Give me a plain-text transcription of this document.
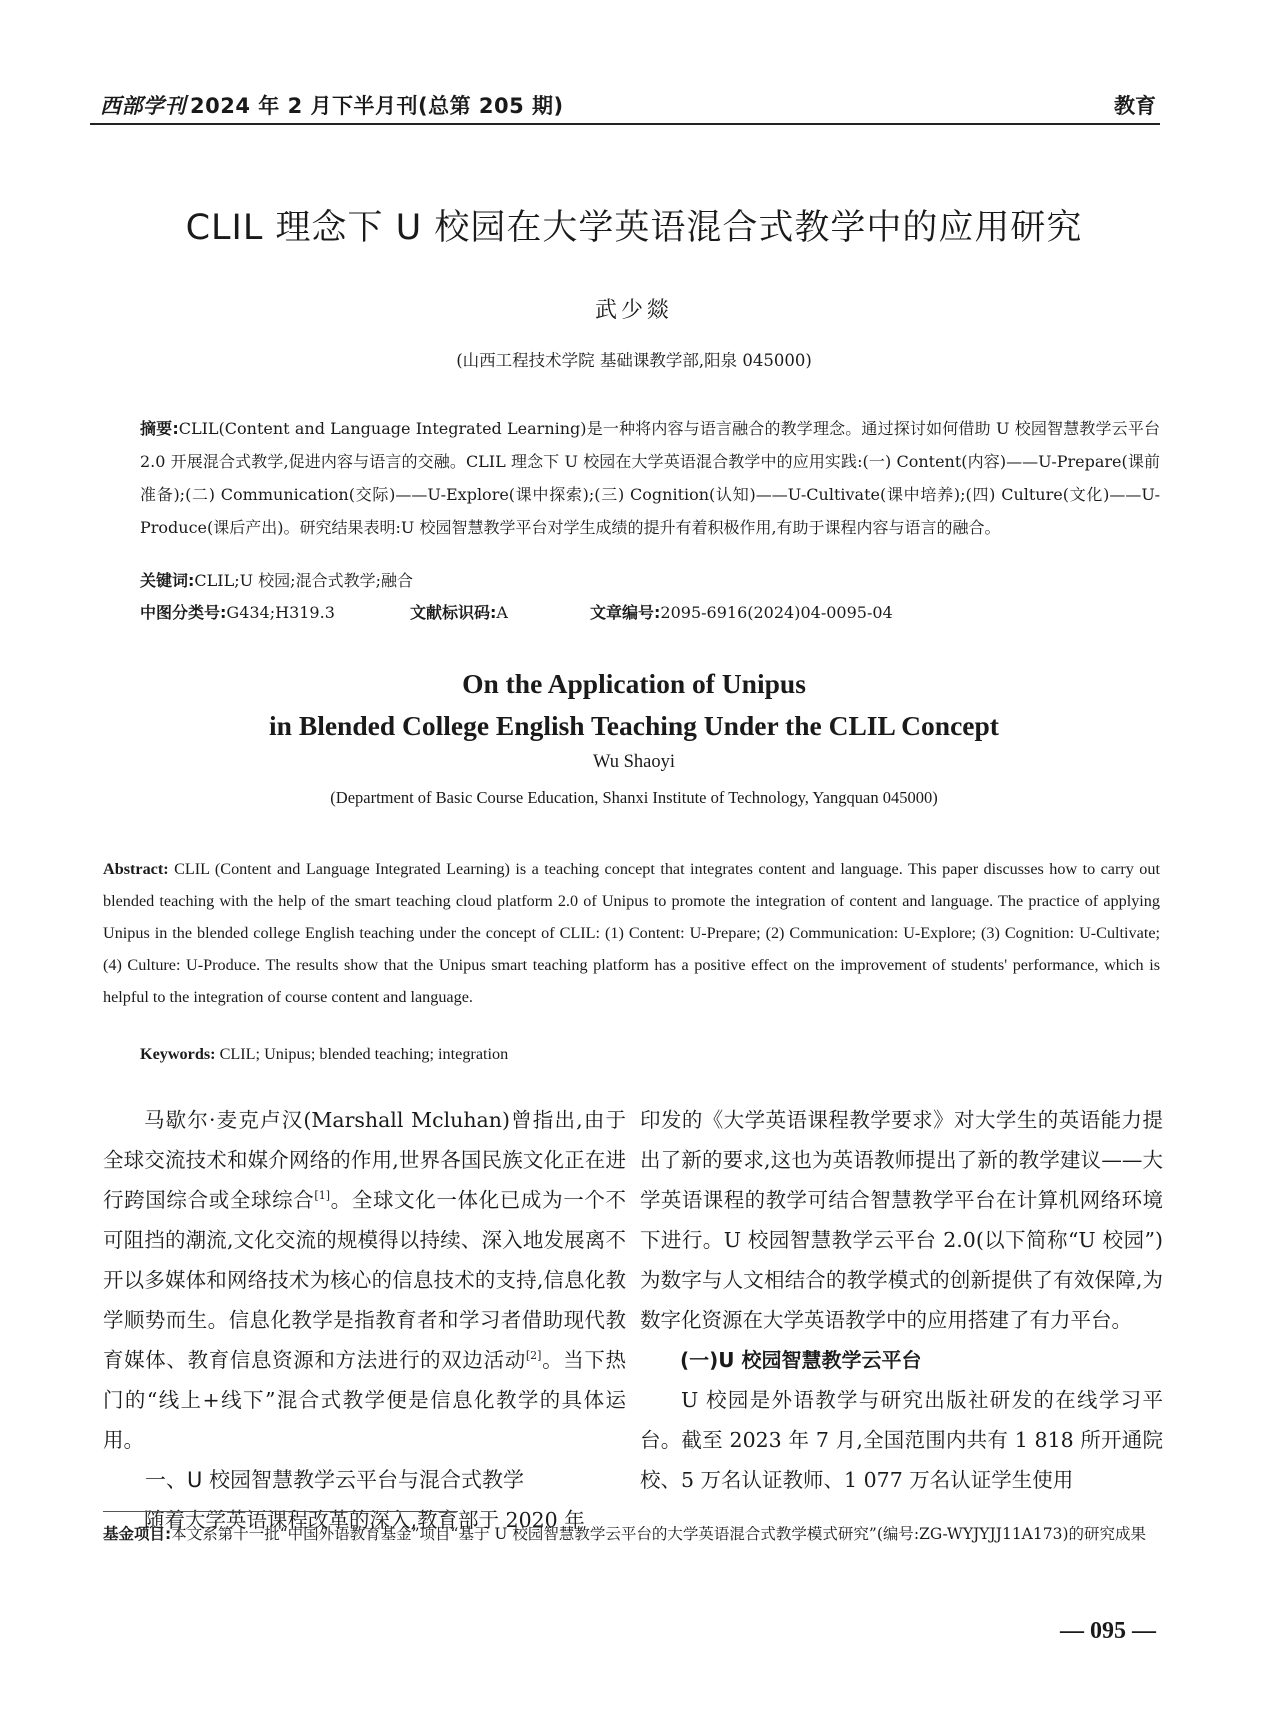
西部学刊 2024 年 2 月下半月刊(总第 205 期)	教育
CLIL 理念下 U 校园在大学英语混合式教学中的应用研究
武少燚
(山西工程技术学院 基础课教学部,阳泉 045000)
摘要:CLIL(Content and Language Integrated Learning)是一种将内容与语言融合的教学理念。通过探讨如何借助 U 校园智慧教学云平台 2.0 开展混合式教学,促进内容与语言的交融。CLIL 理念下 U 校园在大学英语混合教学中的应用实践:(一) Content(内容)——U-Prepare(课前准备);(二) Communication(交际)——U-Explore(课中探索);(三) Cognition(认知)——U-Cultivate(课中培养);(四) Culture(文化)——U-Produce(课后产出)。研究结果表明:U 校园智慧教学平台对学生成绩的提升有着积极作用,有助于课程内容与语言的融合。
关键词:CLIL;U 校园;混合式教学;融合
中图分类号:G434;H319.3	文献标识码:A	文章编号:2095-6916(2024)04-0095-04
On the Application of Unipus
in Blended College English Teaching Under the CLIL Concept
Wu Shaoyi
(Department of Basic Course Education, Shanxi Institute of Technology, Yangquan 045000)
Abstract: CLIL (Content and Language Integrated Learning) is a teaching concept that integrates content and language. This paper discusses how to carry out blended teaching with the help of the smart teaching cloud platform 2.0 of Unipus to promote the integration of content and language. The practice of applying Unipus in the blended college English teaching under the concept of CLIL: (1) Content: U-Prepare; (2) Communication: U-Explore; (3) Cognition: U-Cultivate; (4) Culture: U-Produce. The results show that the Unipus smart teaching platform has a positive effect on the improvement of students' performance, which is helpful to the integration of course content and language.
Keywords: CLIL; Unipus; blended teaching; integration

马歇尔·麦克卢汉(Marshall Mcluhan)曾指出,由于全球交流技术和媒介网络的作用,世界各国民族文化正在进行跨国综合或全球综合[1]。全球文化一体化已成为一个不可阻挡的潮流,文化交流的规模得以持续、深入地发展离不开以多媒体和网络技术为核心的信息技术的支持,信息化教学顺势而生。信息化教学是指教育者和学习者借助现代教育媒体、教育信息资源和方法进行的双边活动[2]。当下热门的“线上+线下”混合式教学便是信息化教学的具体运用。

一、U 校园智慧教学云平台与混合式教学

随着大学英语课程改革的深入,教育部于 2020 年

印发的《大学英语课程教学要求》对大学生的英语能力提出了新的要求,这也为英语教师提出了新的教学建议——大学英语课程的教学可结合智慧教学平台在计算机网络环境下进行。U 校园智慧教学云平台 2.0(以下简称“U 校园”)为数字与人文相结合的教学模式的创新提供了有效保障,为数字化资源在大学英语教学中的应用搭建了有力平台。

(一)U 校园智慧教学云平台

U 校园是外语教学与研究出版社研发的在线学习平台。截至 2023 年 7 月,全国范围内共有 1 818 所开通院校、5 万名认证教师、1 077 万名认证学生使用

基金项目:本文系第十一批“中国外语教育基金”项目“基于 U 校园智慧教学云平台的大学英语混合式教学模式研究”(编号:ZG-WYJYJJ11A173)的研究成果
— 095 —
